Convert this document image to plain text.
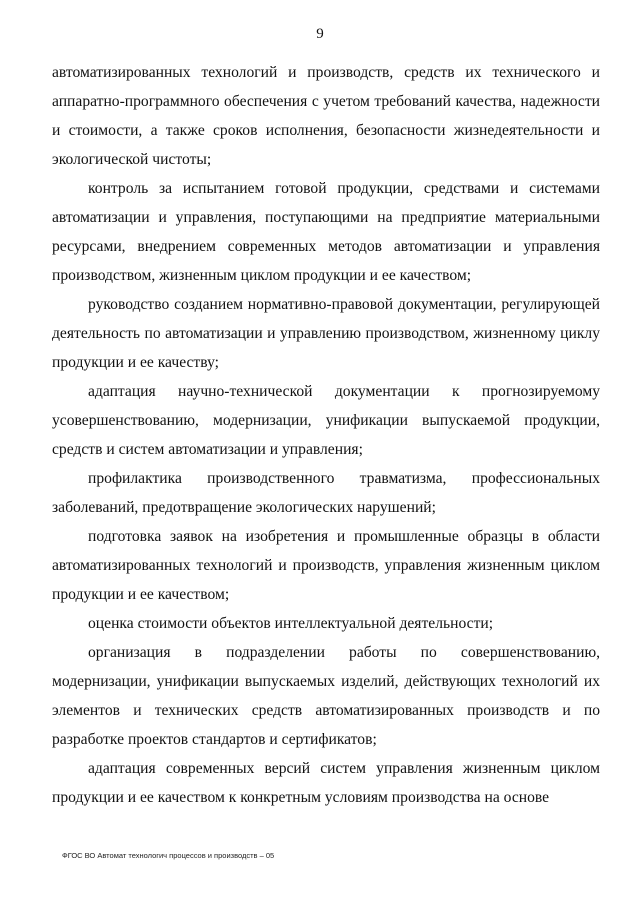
9

автоматизированных технологий и производств, средств их технического и аппаратно-программного обеспечения с учетом требований качества, надежности и стоимости, а также сроков исполнения, безопасности жизнедеятельности и экологической чистоты;

контроль за испытанием готовой продукции, средствами и системами автоматизации и управления, поступающими на предприятие материальными ресурсами, внедрением современных методов автоматизации и управления производством, жизненным циклом продукции и ее качеством;

руководство созданием нормативно-правовой документации, регулирующей деятельность по автоматизации и управлению производством, жизненному циклу продукции и ее качеству;

адаптация научно-технической документации к прогнозируемому усовершенствованию, модернизации, унификации выпускаемой продукции, средств и систем автоматизации и управления;

профилактика производственного травматизма, профессиональных заболеваний, предотвращение экологических нарушений;

подготовка заявок на изобретения и промышленные образцы в области автоматизированных технологий и производств, управления жизненным циклом продукции и ее качеством;

оценка стоимости объектов интеллектуальной деятельности;

организация в подразделении работы по совершенствованию, модернизации, унификации выпускаемых изделий, действующих технологий их элементов и технических средств автоматизированных производств и по разработке проектов стандартов и сертификатов;

адаптация современных версий систем управления жизненным циклом продукции и ее качеством к конкретным условиям производства на основе

ФГОС ВО Автомат технологич процессов и производств – 05
